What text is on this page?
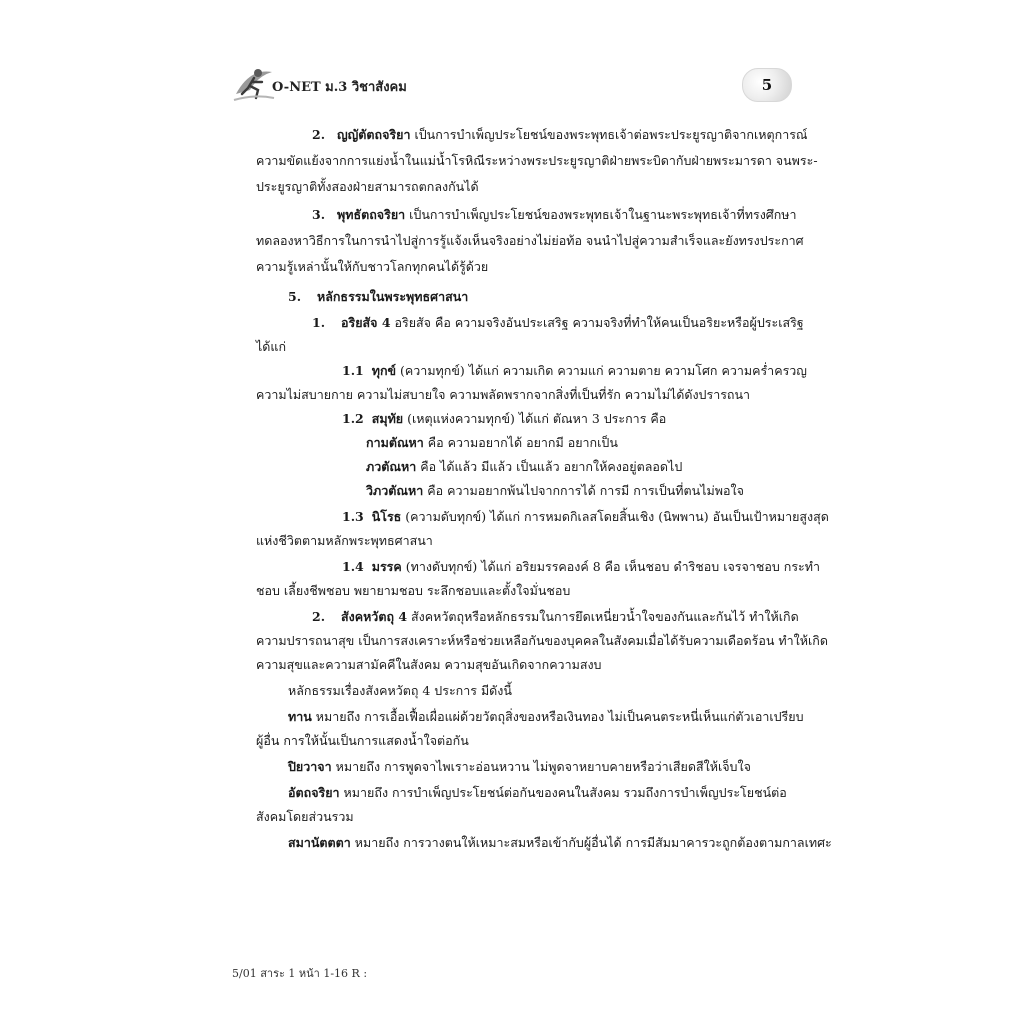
O-NET ม.3 วิชาสังคม	5
2. ญญัตัตถจริยา เป็นการบำเพ็ญประโยชน์ของพระพุทธเจ้าต่อพระประยูรญาติจากเหตุการณ์
ความขัดแย้งจากการแย่งน้ำในแม่น้ำโรหิณีระหว่างพระประยูรญาติฝ่ายพระบิดากับฝ่ายพระมารดา จนพระ-
ประยูรญาติทั้งสองฝ่ายสามารถตกลงกันได้
3. พุทธัตถจริยา เป็นการบำเพ็ญประโยชน์ของพระพุทธเจ้าในฐานะพระพุทธเจ้าที่ทรงศึกษา
ทดลองหาวิธีการในการนำไปสู่การรู้แจ้งเห็นจริงอย่างไม่ย่อท้อ จนนำไปสู่ความสำเร็จและยังทรงประกาศ
ความรู้เหล่านั้นให้กับชาวโลกทุกคนได้รู้ด้วย
5. หลักธรรมในพระพุทธศาสนา
1. อริยสัจ 4 อริยสัจ คือ ความจริงอันประเสริฐ ความจริงที่ทำให้คนเป็นอริยะหรือผู้ประเสริฐ
ได้แก่
1.1 ทุกข์ (ความทุกข์) ได้แก่ ความเกิด ความแก่ ความตาย ความโศก ความคร่ำครวญ
ความไม่สบายกาย ความไม่สบายใจ ความพลัดพรากจากสิ่งที่เป็นที่รัก ความไม่ได้ดังปรารถนา
1.2 สมุทัย (เหตุแห่งความทุกข์) ได้แก่ ตัณหา 3 ประการ คือ
กามตัณหา คือ ความอยากได้ อยากมี อยากเป็น
ภวตัณหา คือ ได้แล้ว มีแล้ว เป็นแล้ว อยากให้คงอยู่ตลอดไป
วิภวตัณหา คือ ความอยากพ้นไปจากการได้ การมี การเป็นที่ตนไม่พอใจ
1.3 นิโรธ (ความดับทุกข์) ได้แก่ การหมดกิเลสโดยสิ้นเชิง (นิพพาน) อันเป็นเป้าหมายสูงสุด
แห่งชีวิตตามหลักพระพุทธศาสนา
1.4 มรรค (ทางดับทุกข์) ได้แก่ อริยมรรคองค์ 8 คือ เห็นชอบ ดำริชอบ เจรจาชอบ กระทำ
ชอบ เลี้ยงชีพชอบ พยายามชอบ ระลึกชอบและตั้งใจมั่นชอบ
2. สังคหวัตถุ 4 สังคหวัตถุหรือหลักธรรมในการยึดเหนี่ยวน้ำใจของกันและกันไว้ ทำให้เกิด
ความปรารถนาสุข เป็นการสงเคราะห์หรือช่วยเหลือกันของบุคคลในสังคมเมื่อได้รับความเดือดร้อน ทำให้เกิด
ความสุขและความสามัคคีในสังคม ความสุขอันเกิดจากความสงบ
หลักธรรมเรื่องสังคหวัตถุ 4 ประการ มีดังนี้
ทาน หมายถึง การเอื้อเฟื้อเผื่อแผ่ด้วยวัตถุสิ่งของหรือเงินทอง ไม่เป็นคนตระหนี่เห็นแก่ตัวเอาเปรียบ
ผู้อื่น การให้นั้นเป็นการแสดงน้ำใจต่อกัน
ปิยวาจา หมายถึง การพูดจาไพเราะอ่อนหวาน ไม่พูดจาหยาบคายหรือว่าเสียดสีให้เจ็บใจ
อัตถจริยา หมายถึง การบำเพ็ญประโยชน์ต่อกันของคนในสังคม รวมถึงการบำเพ็ญประโยชน์ต่อ
สังคมโดยส่วนรวม
สมานัตตตา หมายถึง การวางตนให้เหมาะสมหรือเข้ากับผู้อื่นได้ การมีสัมมาคารวะถูกต้องตามกาลเทศะ
5/01 สาระ 1 หน้า 1-16 R :
